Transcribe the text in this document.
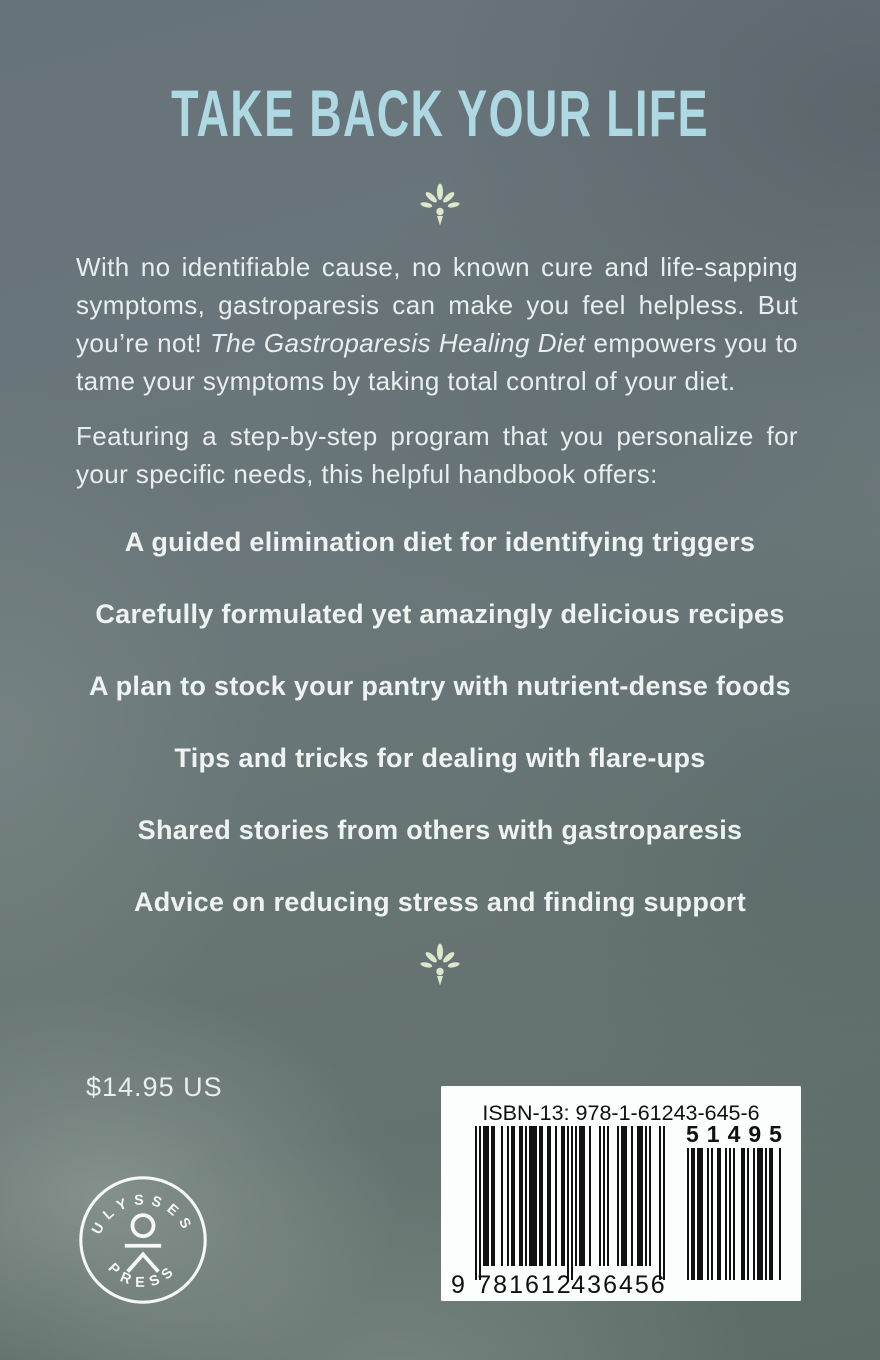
TAKE BACK YOUR LIFE

With no identifiable cause, no known cure and life-sapping symptoms, gastroparesis can make you feel helpless. But you’re not! The Gastroparesis Healing Diet empowers you to tame your symptoms by taking total control of your diet.

Featuring a step-by-step program that you personalize for your specific needs, this helpful handbook offers:

A guided elimination diet for identifying triggers
Carefully formulated yet amazingly delicious recipes
A plan to stock your pantry with nutrient-dense foods
Tips and tricks for dealing with flare-ups
Shared stories from others with gastroparesis
Advice on reducing stress and finding support

$14.95 US

ULYSSES
PRESS
ISBN-13: 978-1-61243-645-6
9 781612
436456
51495
